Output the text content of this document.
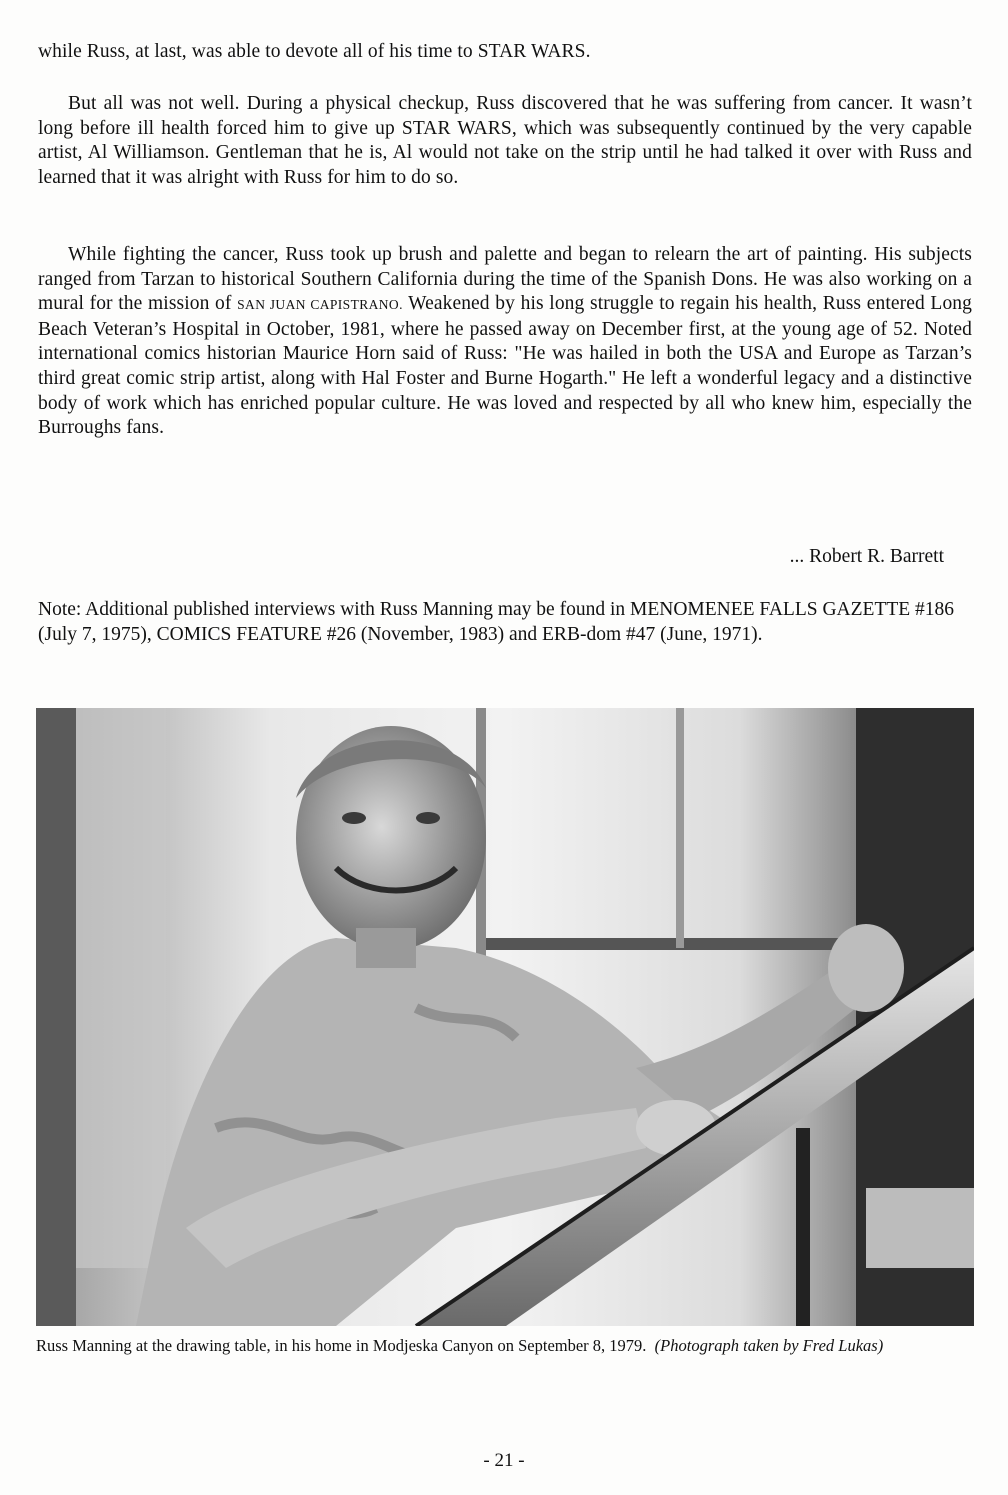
while Russ, at last, was able to devote all of his time to STAR WARS.

But all was not well. During a physical checkup, Russ discovered that he was suffering from cancer. It wasn’t long before ill health forced him to give up STAR WARS, which was subsequently continued by the very capable artist, Al Williamson. Gentleman that he is, Al would not take on the strip until he had talked it over with Russ and learned that it was alright with Russ for him to do so.

While fighting the cancer, Russ took up brush and palette and began to relearn the art of painting. His subjects ranged from Tarzan to historical Southern California during the time of the Spanish Dons. He was also working on a mural for the mission of SAN JUAN CAPISTRANO. Weakened by his long struggle to regain his health, Russ entered Long Beach Veteran’s Hospital in October, 1981, where he passed away on December first, at the young age of 52. Noted international comics historian Maurice Horn said of Russ: "He was hailed in both the USA and Europe as Tarzan’s third great comic strip artist, along with Hal Foster and Burne Hogarth." He left a wonderful legacy and a distinctive body of work which has enriched popular culture. He was loved and respected by all who knew him, especially the Burroughs fans.

... Robert R. Barrett

Note: Additional published interviews with Russ Manning may be found in MENOMENEE FALLS GAZETTE #186 (July 7, 1975), COMICS FEATURE #26 (November, 1983) and ERB-dom #47 (June, 1971).

Russ Manning at the drawing table, in his home in Modjeska Canyon on September 8, 1979. (Photograph taken by Fred Lukas)

- 21 -
